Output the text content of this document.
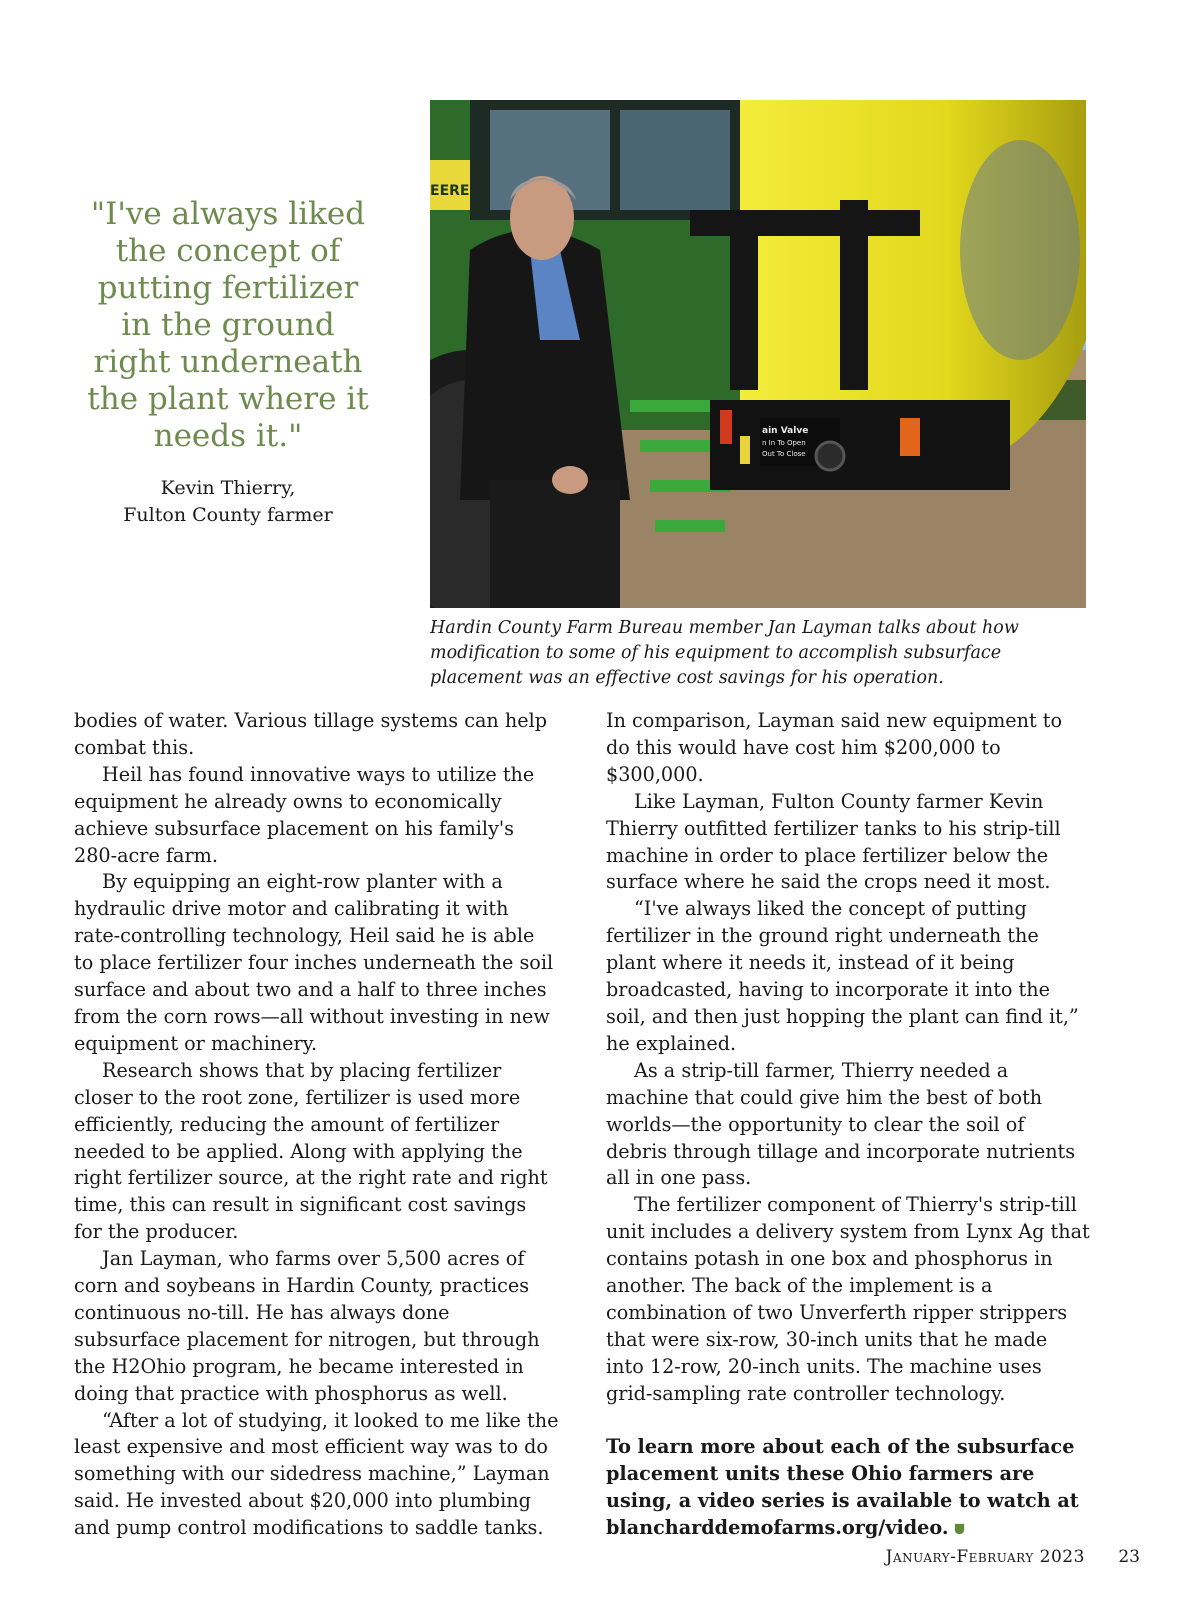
"I've always liked
the concept of
putting fertilizer
in the ground
right underneath
the plant where it
needs it."
Kevin Thierry,
Fulton County farmer
EERE
ain Valve
n In To Open
Out To Close
Hardin County Farm Bureau member Jan Layman talks about how modification to some of his equipment to accomplish subsurface placement was an effective cost savings for his operation.

bodies of water. Various tillage systems can help combat this.

Heil has found innovative ways to utilize the equipment he already owns to economically achieve subsurface placement on his family's 280-acre farm.

By equipping an eight-row planter with a hydraulic drive motor and calibrating it with rate-controlling technology, Heil said he is able to place fertilizer four inches underneath the soil surface and about two and a half to three inches from the corn rows—all without investing in new equipment or machinery.

Research shows that by placing fertilizer closer to the root zone, fertilizer is used more efficiently, reducing the amount of fertilizer needed to be applied. Along with applying the right fertilizer source, at the right rate and right time, this can result in significant cost savings for the producer.

Jan Layman, who farms over 5,500 acres of corn and soybeans in Hardin County, practices continuous no-till. He has always done subsurface placement for nitrogen, but through the H2Ohio program, he became interested in doing that practice with phosphorus as well.

“After a lot of studying, it looked to me like the least expensive and most efficient way was to do something with our sidedress machine,” Layman said. He invested about $20,000 into plumbing and pump control modifications to saddle tanks.

In comparison, Layman said new equipment to do this would have cost him $200,000 to $300,000.

Like Layman, Fulton County farmer Kevin Thierry outfitted fertilizer tanks to his strip-till machine in order to place fertilizer below the surface where he said the crops need it most.

“I've always liked the concept of putting fertilizer in the ground right underneath the plant where it needs it, instead of it being broadcasted, having to incorporate it into the soil, and then just hopping the plant can find it,” he explained.

As a strip-till farmer, Thierry needed a machine that could give him the best of both worlds—the opportunity to clear the soil of debris through tillage and incorporate nutrients all in one pass.

The fertilizer component of Thierry's strip-till unit includes a delivery system from Lynx Ag that contains potash in one box and phosphorus in another. The back of the implement is a combination of two Unverferth ripper strippers that were six-row, 30-inch units that he made into 12-row, 20-inch units. The machine uses grid-sampling rate controller technology.

To learn more about each of the subsurface placement units these Ohio farmers are using, a video series is available to watch at blancharddemofarms.org/video.

January-February 2023 23
